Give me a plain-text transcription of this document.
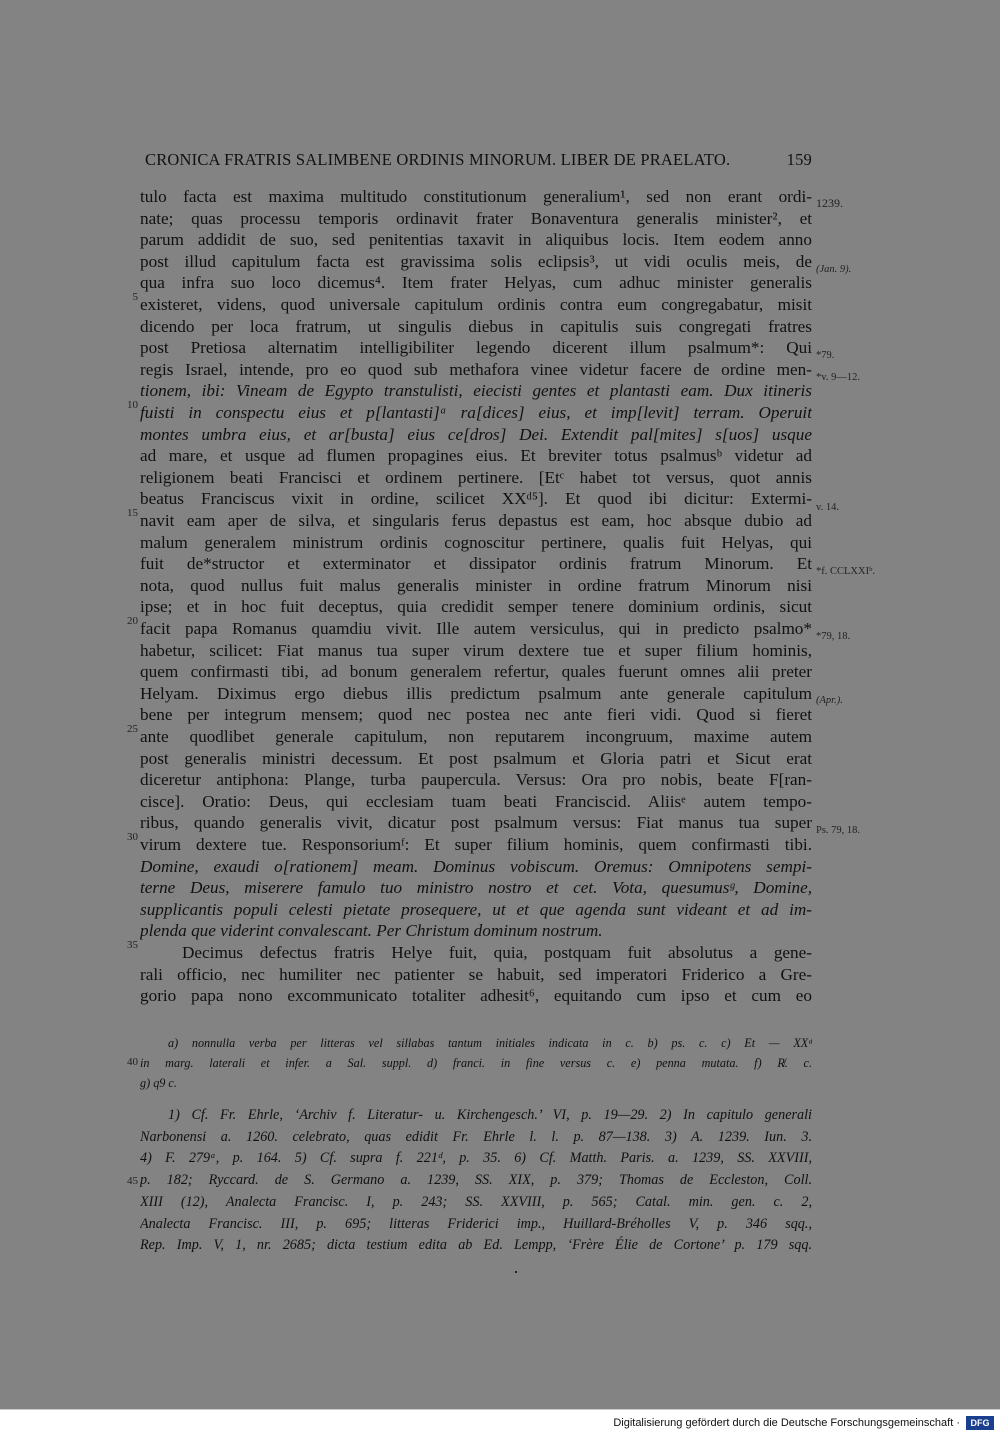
CRONICA FRATRIS SALIMBENE ORDINIS MINORUM. LIBER DE PRAELATO.	159
tulo facta est maxima multitudo constitutionum generalium¹, sed non erant ordi-
nate; quas processu temporis ordinavit frater Bonaventura generalis minister², et
parum addidit de suo, sed penitentias taxavit in aliquibus locis. Item eodem anno
post illud capitulum facta est gravissima solis eclipsis³, ut vidi oculis meis, de
qua infra suo loco dicemus⁴. Item frater Helyas, cum adhuc minister generalis
existeret, videns, quod universale capitulum ordinis contra eum congregabatur, misit
dicendo per loca fratrum, ut singulis diebus in capitulis suis congregati fratres
post Pretiosa alternatim intelligibiliter legendo dicerent illum psalmum*: Qui
regis Israel, intende, pro eo quod sub methafora vinee videtur facere de ordine men-
tionem, ibi: Vineam de Egypto transtulisti, eiecisti gentes et plantasti eam. Dux itineris
fuisti in conspectu eius et p[lantasti]ᵃ ra[dices] eius, et imp[levit] terram. Operuit
montes umbra eius, et ar[busta] eius ce[dros] Dei. Extendit pal[mites] s[uos] usque
ad mare, et usque ad flumen propagines eius. Et breviter totus psalmusᵇ videtur ad
religionem beati Francisci et ordinem pertinere. [Etᶜ habet tot versus, quot annis
beatus Franciscus vixit in ordine, scilicet XXᵈ⁵]. Et quod ibi dicitur: Extermi-
navit eam aper de silva, et singularis ferus depastus est eam, hoc absque dubio ad
malum generalem ministrum ordinis cognoscitur pertinere, qualis fuit Helyas, qui
fuit de*structor et exterminator et dissipator ordinis fratrum Minorum. Et
nota, quod nullus fuit malus generalis minister in ordine fratrum Minorum nisi
ipse; et in hoc fuit deceptus, quia credidit semper tenere dominium ordinis, sicut
facit papa Romanus quamdiu vivit. Ille autem versiculus, qui in predicto psalmo*
habetur, scilicet: Fiat manus tua super virum dextere tue et super filium hominis,
quem confirmasti tibi, ad bonum generalem refertur, quales fuerunt omnes alii preter
Helyam. Diximus ergo diebus illis predictum psalmum ante generale capitulum
bene per integrum mensem; quod nec postea nec ante fieri vidi. Quod si fieret
ante quodlibet generale capitulum, non reputarem incongruum, maxime autem
post generalis ministri decessum. Et post psalmum et Gloria patri et Sicut erat
diceretur antiphona: Plange, turba paupercula. Versus: Ora pro nobis, beate F[ran-
cisce]. Oratio: Deus, qui ecclesiam tuam beati Franciscid. Aliisᵉ autem tempo-
ribus, quando generalis vivit, dicatur post psalmum versus: Fiat manus tua super
virum dextere tue. Responsoriumᶠ: Et super filium hominis, quem confirmasti tibi.
Domine, exaudi o[rationem] meam. Dominus vobiscum. Oremus: Omnipotens sempi-
terne Deus, miserere famulo tuo ministro nostro et cet. Vota, quesumusᵍ, Domine,
supplicantis populi celesti pietate prosequere, ut et que agenda sunt videant et ad im-
plenda que viderint convalescant. Per Christum dominum nostrum.
Decimus defectus fratris Helye fuit, quia, postquam fuit absolutus a gene-
rali officio, nec humiliter nec patienter se habuit, sed imperatori Friderico a Gre-
gorio papa nono excommunicato totaliter adhesit⁶, equitando cum ipso et cum eo
5
10
15
20
25
30
35
1239.
(Jan. 9).
*79.
*v. 9—12.
v. 14.
*f. CCLXXIᵇ.
*79, 18.
(Apr.).
Ps. 79, 18.
a) nonnulla verba per litteras vel sillabas tantum initiales indicata in c. b) ps. c. c) Et — XXᵈ
in marg. laterali et infer. a Sal. suppl. d) franci. in fine versus c. e) penna mutata. f) R̸. c.
g) q9 c.
40
1) Cf. Fr. Ehrle, ‘Archiv f. Literatur- u. Kirchengesch.’ VI, p. 19—29. 2) In capitulo generali
Narbonensi a. 1260. celebrato, quas edidit Fr. Ehrle l. l. p. 87—138. 3) A. 1239. Iun. 3.
4) F. 279ᵃ, p. 164. 5) Cf. supra f. 221ᵈ, p. 35. 6) Cf. Matth. Paris. a. 1239, SS. XXVIII,
p. 182; Ryccard. de S. Germano a. 1239, SS. XIX, p. 379; Thomas de Eccleston, Coll.
XIII (12), Analecta Francisc. I, p. 243; SS. XXVIII, p. 565; Catal. min. gen. c. 2,
Analecta Francisc. III, p. 695; litteras Friderici imp., Huillard-Bréholles V, p. 346 sqq.,
Rep. Imp. V, 1, nr. 2685; dicta testium edita ab Ed. Lempp, ‘Frère Élie de Cortone’ p. 179 sqq.
45
Digitalisierung gefördert durch die Deutsche Forschungsgemeinschaft ·	DFG
